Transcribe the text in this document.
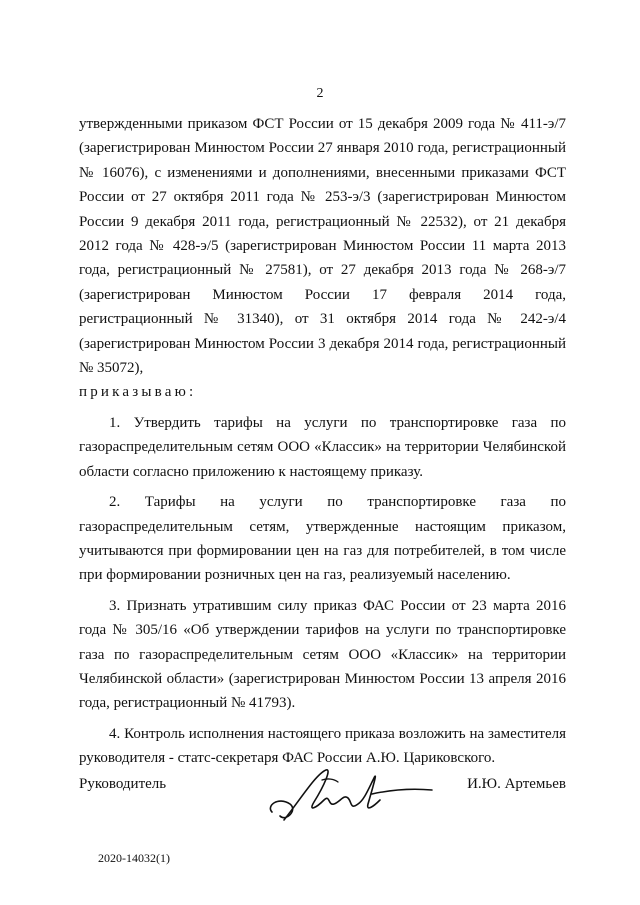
2

утвержденными приказом ФСТ России от 15 декабря 2009 года № 411-э/7 (зарегистрирован Минюстом России 27 января 2010 года, регистрационный № 16076), с изменениями и дополнениями, внесенными приказами ФСТ России от 27 октября 2011 года № 253-э/3 (зарегистрирован Минюстом России 9 декабря 2011 года, регистрационный № 22532), от 21 декабря 2012 года № 428-э/5 (зарегистрирован Минюстом России 11 марта 2013 года, регистрационный № 27581), от 27 декабря 2013 года № 268-э/7 (зарегистрирован Минюстом России 17 февраля 2014 года, регистрационный № 31340), от 31 октября 2014 года № 242-э/4 (зарегистрирован Минюстом России 3 декабря 2014 года, регистрационный № 35072),

приказываю:

1. Утвердить тарифы на услуги по транспортировке газа по газораспределительным сетям ООО «Классик» на территории Челябинской области согласно приложению к настоящему приказу.

2. Тарифы на услуги по транспортировке газа по газораспределительным сетям, утвержденные настоящим приказом, учитываются при формировании цен на газ для потребителей, в том числе при формировании розничных цен на газ, реализуемый населению.

3. Признать утратившим силу приказ ФАС России от 23 марта 2016 года № 305/16 «Об утверждении тарифов на услуги по транспортировке газа по газораспределительным сетям ООО «Классик» на территории Челябинской области» (зарегистрирован Минюстом России 13 апреля 2016 года, регистрационный № 41793).

4. Контроль исполнения настоящего приказа возложить на заместителя руководителя - статс-секретаря ФАС России А.Ю. Цариковского.

Руководитель	И.Ю. Артемьев
2020-14032(1)
